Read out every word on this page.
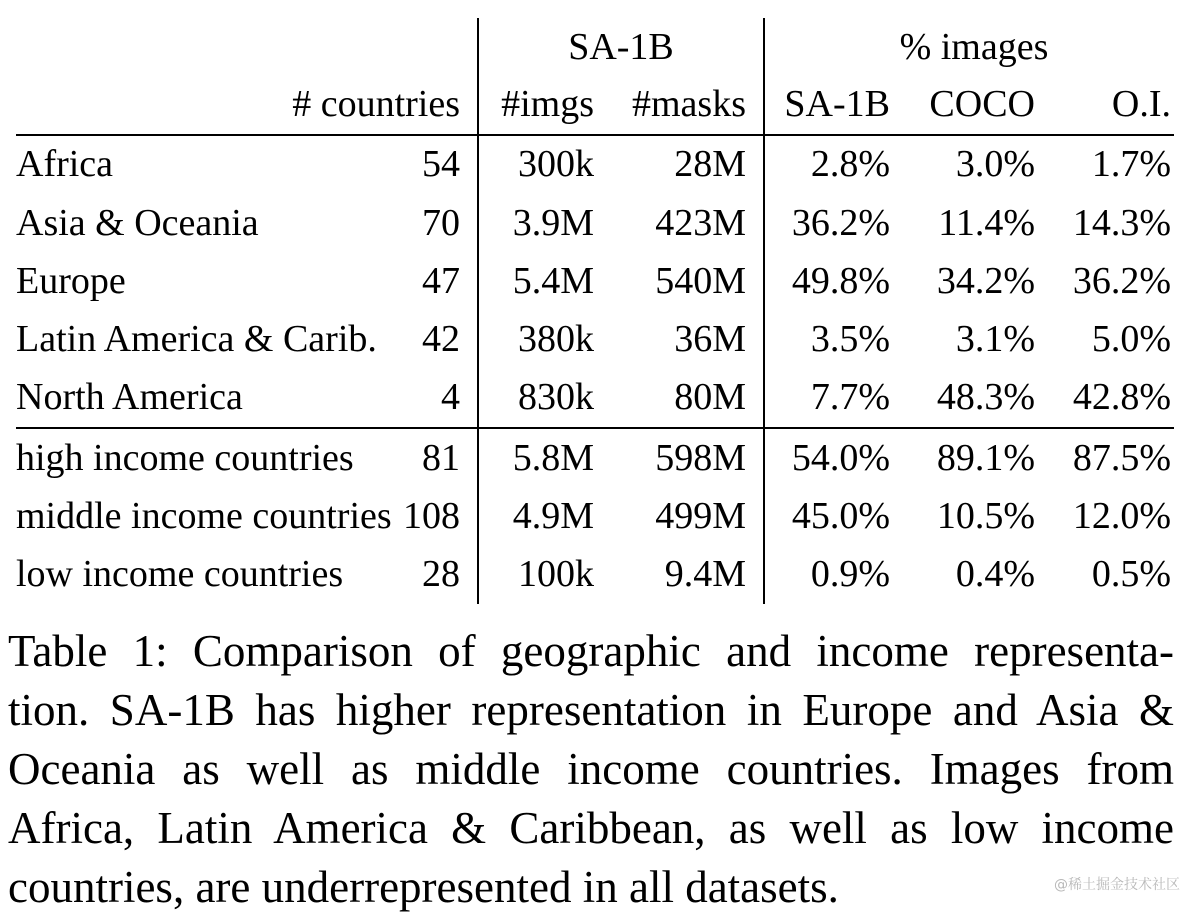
SA-1B	% images
# countries #imgs #masks SA-1B COCO O.I.
Africa	54 300k 28M 2.8% 3.0% 1.7%
Asia & Oceania	70 3.9M 423M 36.2% 11.4% 14.3%
Europe	47 5.4M 540M 49.8% 34.2% 36.2%
Latin America & Carib. 42 380k 36M 3.5% 3.1% 5.0%
North America	4 830k 80M 7.7% 48.3% 42.8%
high income countries 81 5.8M 598M 54.0% 89.1% 87.5%
middle income countries 108 4.9M 499M 45.0% 10.5% 12.0%
low income countries 28 100k 9.4M 0.9% 0.4% 0.5%
Table 1: Comparison of geographic and income representa-
tion. SA-1B has higher representation in Europe and Asia &
Oceania as well as middle income countries. Images from
Africa, Latin America & Caribbean, as well as low income
countries, are underrepresented in all datasets.	@稀土掘金技术社区
